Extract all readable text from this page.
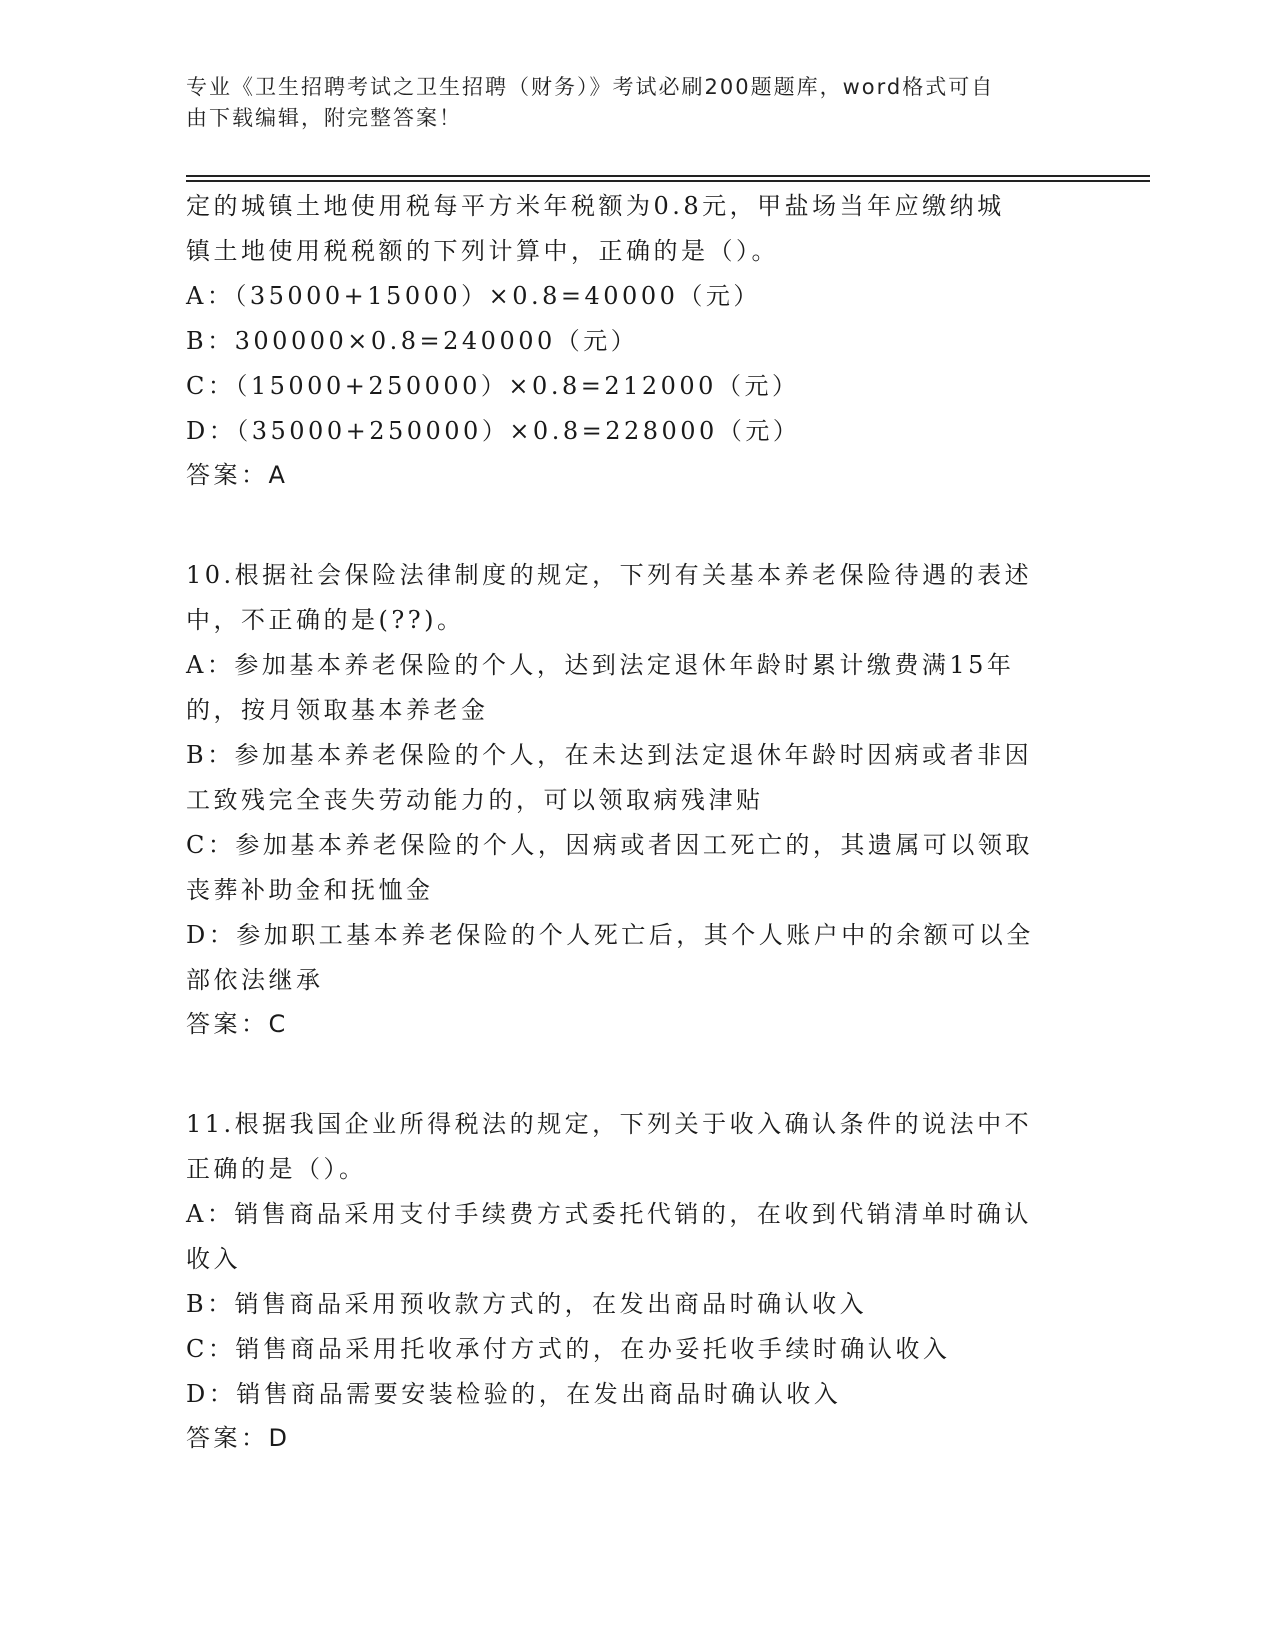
专业《卫生招聘考试之卫生招聘（财务）》考试必刷200题题库，word格式可自
由下载编辑，附完整答案！
定的城镇土地使用税每平方米年税额为0.8元，甲盐场当年应缴纳城
镇土地使用税税额的下列计算中，正确的是（）。
A：（35000+15000）×0.8=40000（元）
B：300000×0.8=240000（元）
C：（15000+250000）×0.8=212000（元）
D：（35000+250000）×0.8=228000（元）
答案：A
10.根据社会保险法律制度的规定，下列有关基本养老保险待遇的表述
中，不正确的是(??)。
A：参加基本养老保险的个人，达到法定退休年龄时累计缴费满15年
的，按月领取基本养老金
B：参加基本养老保险的个人，在未达到法定退休年龄时因病或者非因
工致残完全丧失劳动能力的，可以领取病残津贴
C：参加基本养老保险的个人，因病或者因工死亡的，其遗属可以领取
丧葬补助金和抚恤金
D：参加职工基本养老保险的个人死亡后，其个人账户中的余额可以全
部依法继承
答案：C
11.根据我国企业所得税法的规定，下列关于收入确认条件的说法中不
正确的是（）。
A：销售商品采用支付手续费方式委托代销的，在收到代销清单时确认
收入
B：销售商品采用预收款方式的，在发出商品时确认收入
C：销售商品采用托收承付方式的，在办妥托收手续时确认收入
D：销售商品需要安装检验的，在发出商品时确认收入
答案：D
